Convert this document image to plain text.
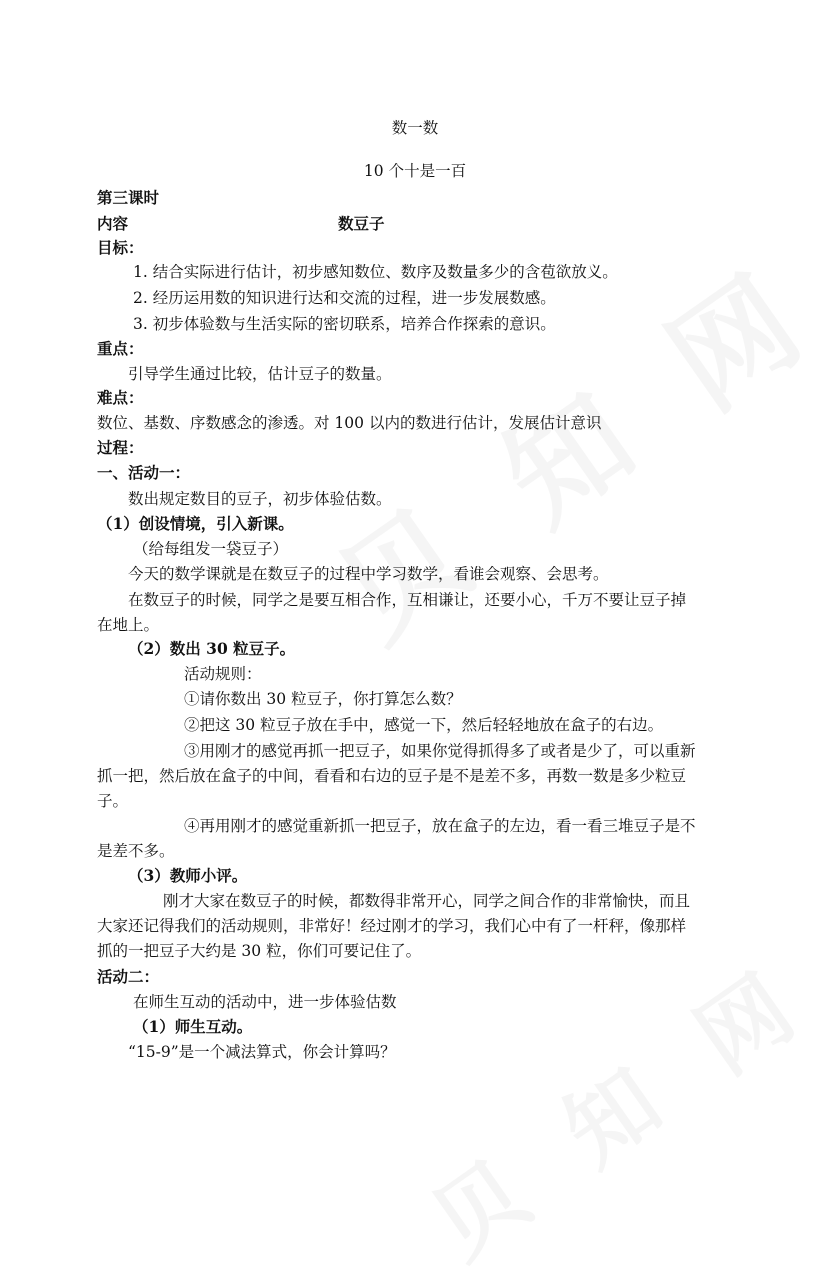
数一数
10 个十是一百
第三课时
内容	数豆子
目标：
1. 结合实际进行估计，初步感知数位、数序及数量多少的含苞欲放义。
2. 经历运用数的知识进行达和交流的过程，进一步发展数感。
3. 初步体验数与生活实际的密切联系，培养合作探索的意识。
重点：
引导学生通过比较，估计豆子的数量。
难点：
数位、基数、序数感念的渗透。对 100 以内的数进行估计，发展估计意识
过程：
一、活动一：
数出规定数目的豆子，初步体验估数。
（1）创设情境，引入新课。
（给每组发一袋豆子）
今天的数学课就是在数豆子的过程中学习数学，看谁会观察、会思考。
在数豆子的时候，同学之是要互相合作，互相谦让，还要小心，千万不要让豆子掉
在地上。
（2）数出 30 粒豆子。
活动规则：
①请你数出 30 粒豆子，你打算怎么数？
②把这 30 粒豆子放在手中，感觉一下，然后轻轻地放在盒子的右边。
③用刚才的感觉再抓一把豆子，如果你觉得抓得多了或者是少了，可以重新
抓一把，然后放在盒子的中间，看看和右边的豆子是不是差不多，再数一数是多少粒豆
子。
④再用刚才的感觉重新抓一把豆子，放在盒子的左边，看一看三堆豆子是不
是差不多。
（3）教师小评。
刚才大家在数豆子的时候，都数得非常开心，同学之间合作的非常愉快，而且
大家还记得我们的活动规则，非常好！经过刚才的学习，我们心中有了一杆秤，像那样
抓的一把豆子大约是 30 粒，你们可要记住了。
活动二：
在师生互动的活动中，进一步体验估数
（1）师生互动。
“15-9”是一个减法算式，你会计算吗？
